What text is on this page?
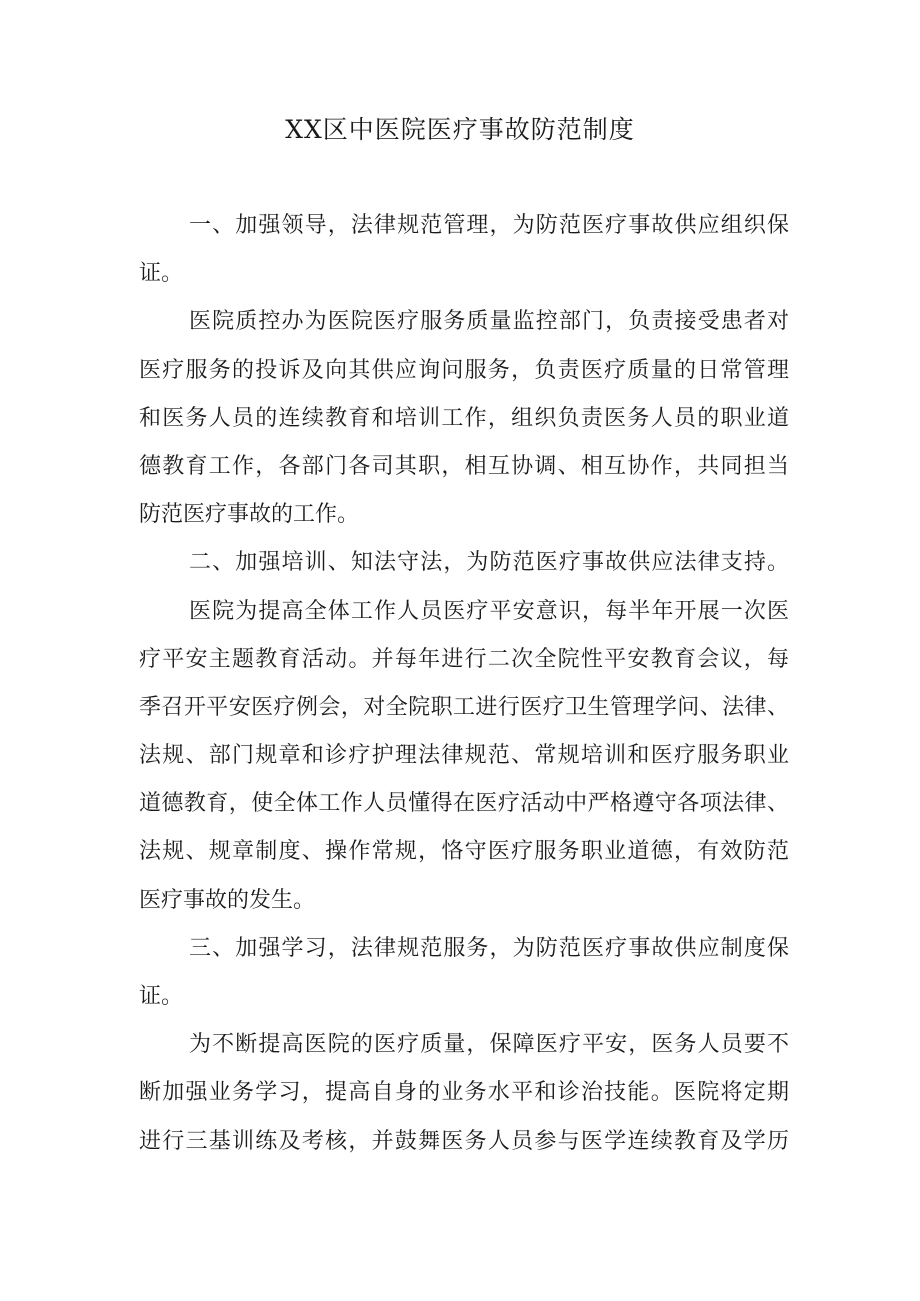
XX区中医院医疗事故防范制度
一、加强领导，法律规范管理，为防范医疗事故供应组织保
证。
医院质控办为医院医疗服务质量监控部门，负责接受患者对
医疗服务的投诉及向其供应询问服务，负责医疗质量的日常管理
和医务人员的连续教育和培训工作，组织负责医务人员的职业道
德教育工作，各部门各司其职，相互协调、相互协作，共同担当
防范医疗事故的工作。
二、加强培训、知法守法，为防范医疗事故供应法律支持。
医院为提高全体工作人员医疗平安意识，每半年开展一次医
疗平安主题教育活动。并每年进行二次全院性平安教育会议，每
季召开平安医疗例会，对全院职工进行医疗卫生管理学问、法律、
法规、部门规章和诊疗护理法律规范、常规培训和医疗服务职业
道德教育，使全体工作人员懂得在医疗活动中严格遵守各项法律、
法规、规章制度、操作常规，恪守医疗服务职业道德，有效防范
医疗事故的发生。
三、加强学习，法律规范服务，为防范医疗事故供应制度保
证。
为不断提高医院的医疗质量，保障医疗平安，医务人员要不
断加强业务学习，提高自身的业务水平和诊治技能。医院将定期
进行三基训练及考核，并鼓舞医务人员参与医学连续教育及学历
